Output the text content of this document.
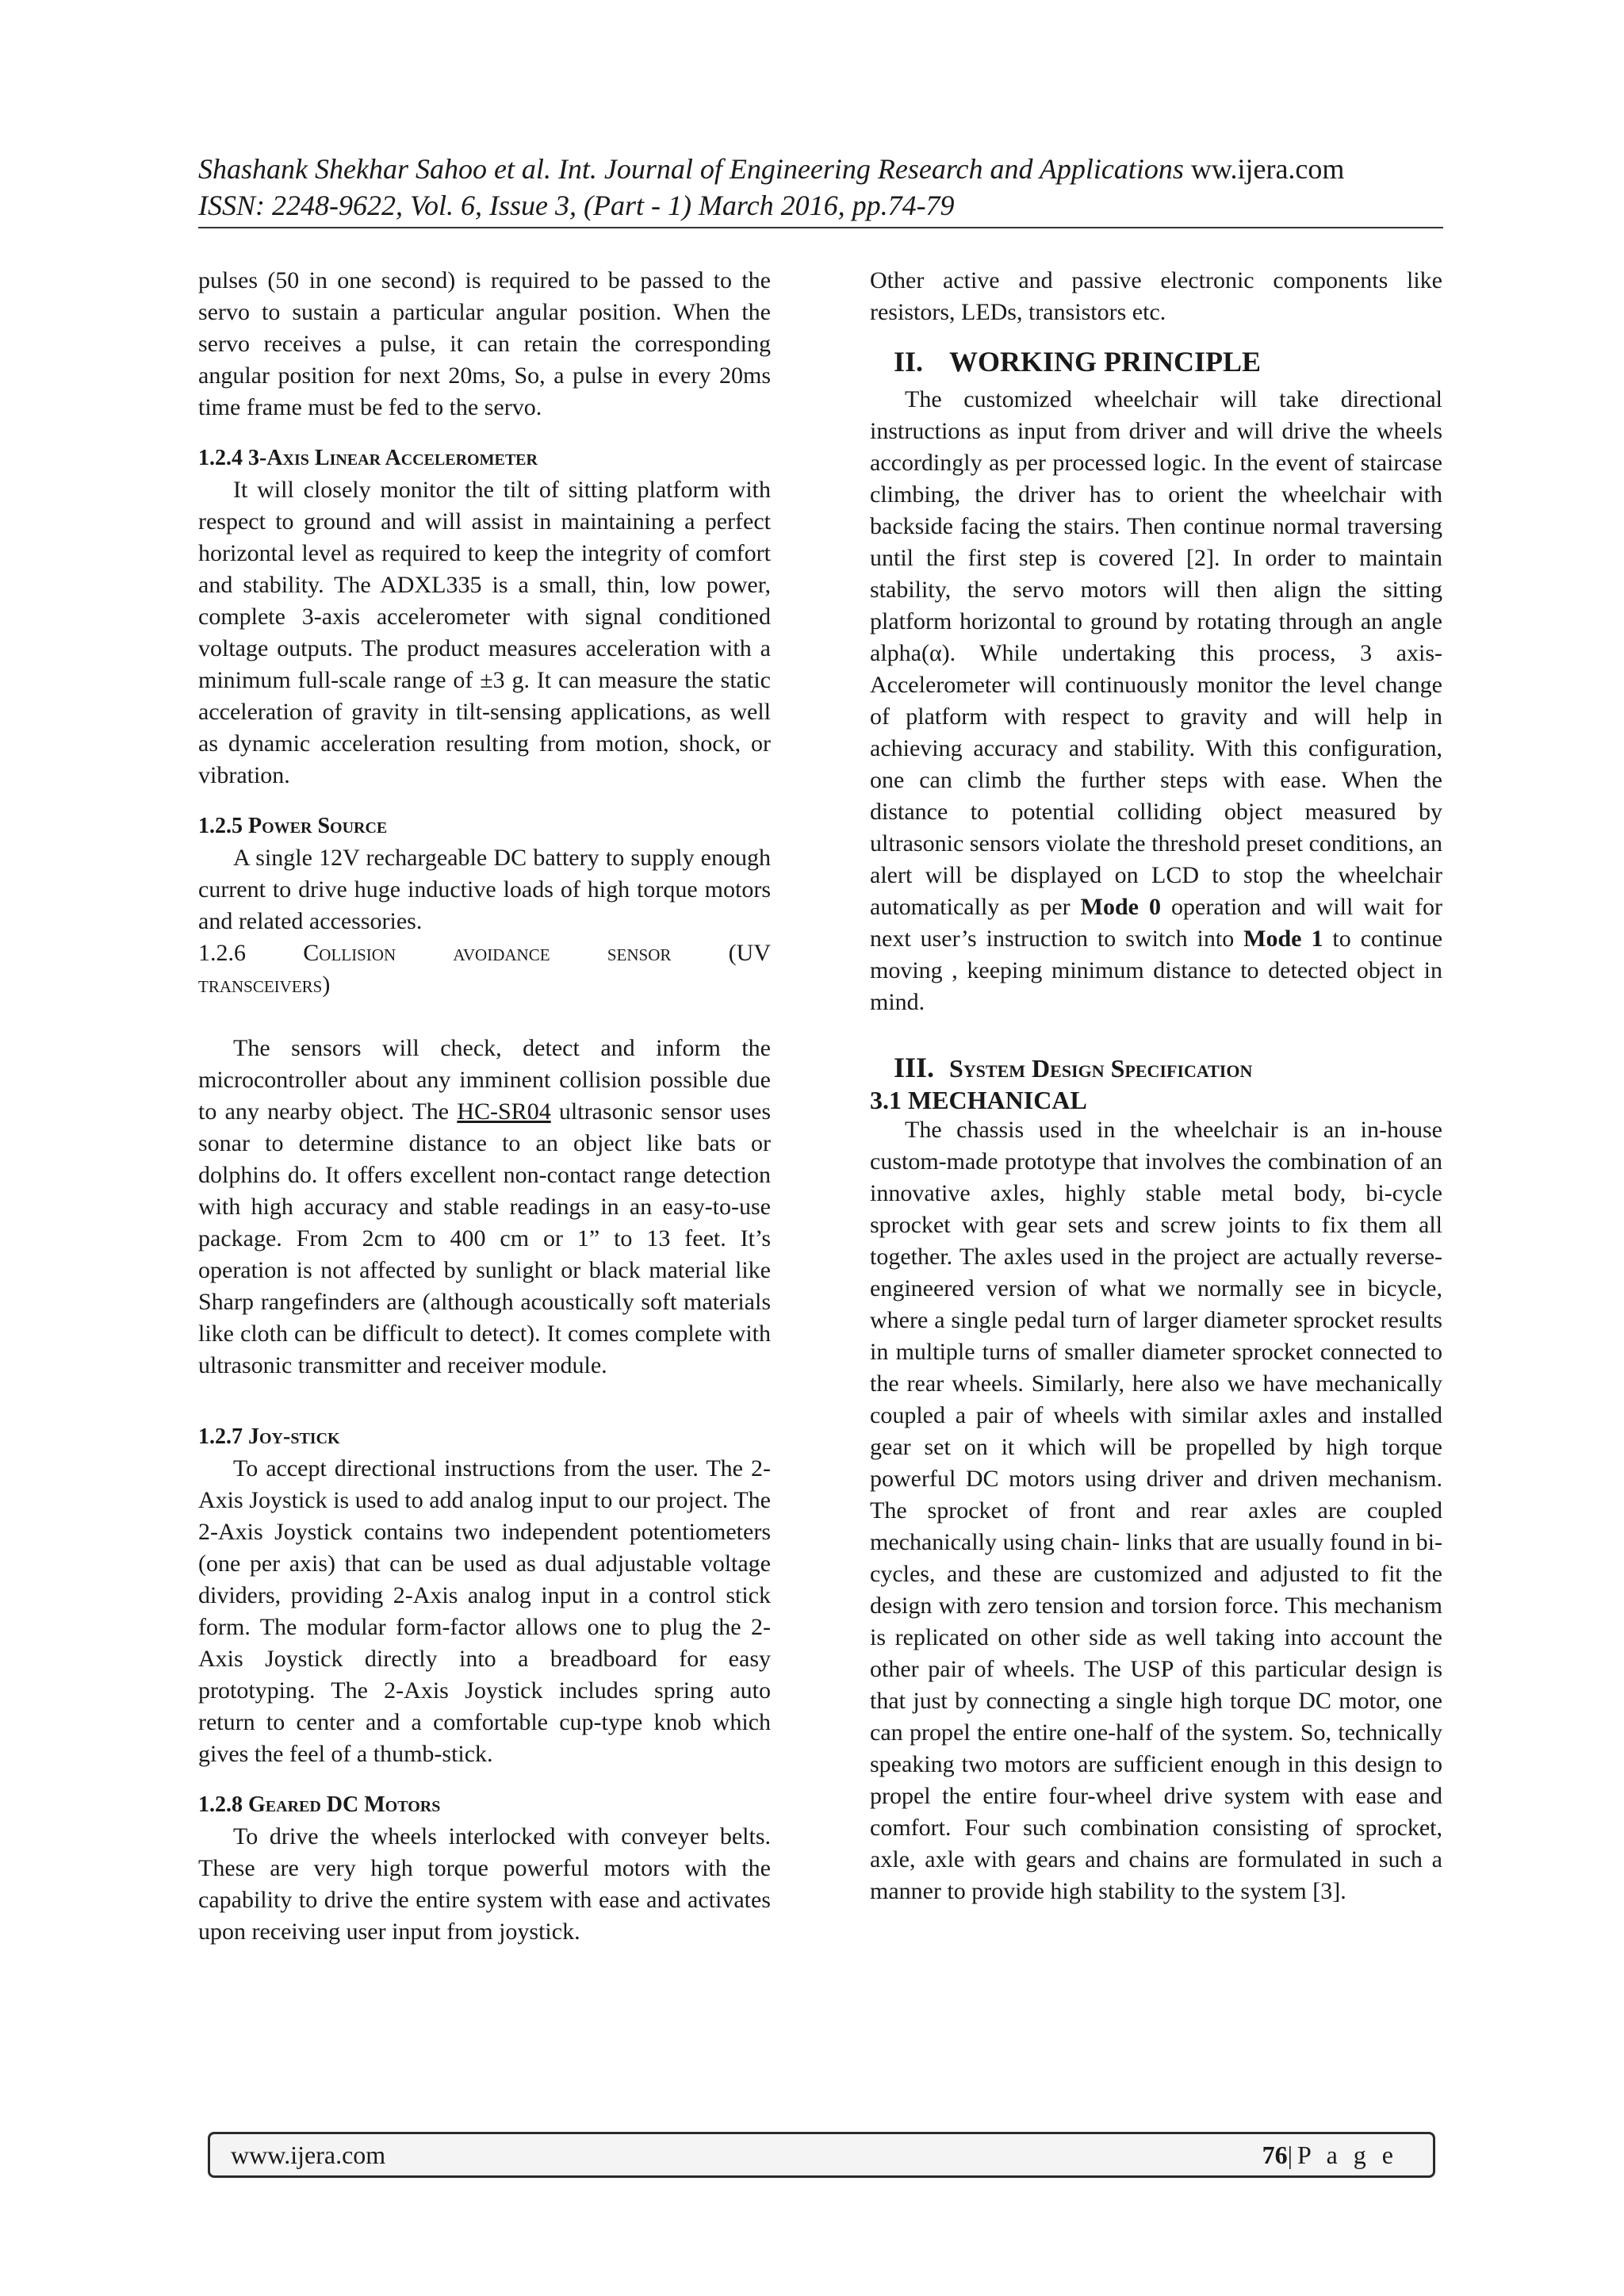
Shashank Shekhar Sahoo et al. Int. Journal of Engineering Research and Applications ww.ijera.com
ISSN: 2248-9622, Vol. 6, Issue 3, (Part - 1) March 2016, pp.74-79

pulses (50 in one second) is required to be passed to the servo to sustain a particular angular position. When the servo receives a pulse, it can retain the corresponding angular position for next 20ms, So, a pulse in every 20ms time frame must be fed to the servo.

1.2.4 3-Axis Linear Accelerometer

It will closely monitor the tilt of sitting platform with respect to ground and will assist in maintaining a perfect horizontal level as required to keep the integrity of comfort and stability. The ADXL335 is a small, thin, low power, complete 3-axis accelerometer with signal conditioned voltage outputs. The product measures acceleration with a minimum full-scale range of ±3 g. It can measure the static acceleration of gravity in tilt-sensing applications, as well as dynamic acceleration resulting from motion, shock, or vibration.

1.2.5 Power Source

A single 12V rechargeable DC battery to supply enough current to drive huge inductive loads of high torque motors and related accessories.

1.2.6 Collision avoidance sensor (UV
transceivers)

The sensors will check, detect and inform the microcontroller about any imminent collision possible due to any nearby object. The HC-SR04 ultrasonic sensor uses sonar to determine distance to an object like bats or dolphins do. It offers excellent non-contact range detection with high accuracy and stable readings in an easy-to-use package. From 2cm to 400 cm or 1” to 13 feet. It’s operation is not affected by sunlight or black material like Sharp rangefinders are (although acoustically soft materials like cloth can be difficult to detect). It comes complete with ultrasonic transmitter and receiver module.

1.2.7 Joy-stick

To accept directional instructions from the user. The 2-Axis Joystick is used to add analog input to our project. The 2-Axis Joystick contains two independent potentiometers (one per axis) that can be used as dual adjustable voltage dividers, providing 2-Axis analog input in a control stick form. The modular form-factor allows one to plug the 2-Axis Joystick directly into a breadboard for easy prototyping. The 2-Axis Joystick includes spring auto return to center and a comfortable cup-type knob which gives the feel of a thumb-stick.

1.2.8 Geared DC Motors

To drive the wheels interlocked with conveyer belts. These are very high torque powerful motors with the capability to drive the entire system with ease and activates upon receiving user input from joystick.

Other active and passive electronic components like resistors, LEDs, transistors etc.

II. WORKING PRINCIPLE

The customized wheelchair will take directional instructions as input from driver and will drive the wheels accordingly as per processed logic. In the event of staircase climbing, the driver has to orient the wheelchair with backside facing the stairs. Then continue normal traversing until the first step is covered [2]. In order to maintain stability, the servo motors will then align the sitting platform horizontal to ground by rotating through an angle alpha(α). While undertaking this process, 3 axis-Accelerometer will continuously monitor the level change of platform with respect to gravity and will help in achieving accuracy and stability. With this configuration, one can climb the further steps with ease. When the distance to potential colliding object measured by ultrasonic sensors violate the threshold preset conditions, an alert will be displayed on LCD to stop the wheelchair automatically as per Mode 0 operation and will wait for next user’s instruction to switch into Mode 1 to continue moving , keeping minimum distance to detected object in mind.

III. System Design Specification
3.1 MECHANICAL

The chassis used in the wheelchair is an in-house custom-made prototype that involves the combination of an innovative axles, highly stable metal body, bi-cycle sprocket with gear sets and screw joints to fix them all together. The axles used in the project are actually reverse-engineered version of what we normally see in bicycle, where a single pedal turn of larger diameter sprocket results in multiple turns of smaller diameter sprocket connected to the rear wheels. Similarly, here also we have mechanically coupled a pair of wheels with similar axles and installed gear set on it which will be propelled by high torque powerful DC motors using driver and driven mechanism. The sprocket of front and rear axles are coupled mechanically using chain- links that are usually found in bi-cycles, and these are customized and adjusted to fit the design with zero tension and torsion force. This mechanism is replicated on other side as well taking into account the other pair of wheels. The USP of this particular design is that just by connecting a single high torque DC motor, one can propel the entire one-half of the system. So, technically speaking two motors are sufficient enough in this design to propel the entire four-wheel drive system with ease and comfort. Four such combination consisting of sprocket, axle, axle with gears and chains are formulated in such a manner to provide high stability to the system [3].

www.ijera.com	76|P a g e
